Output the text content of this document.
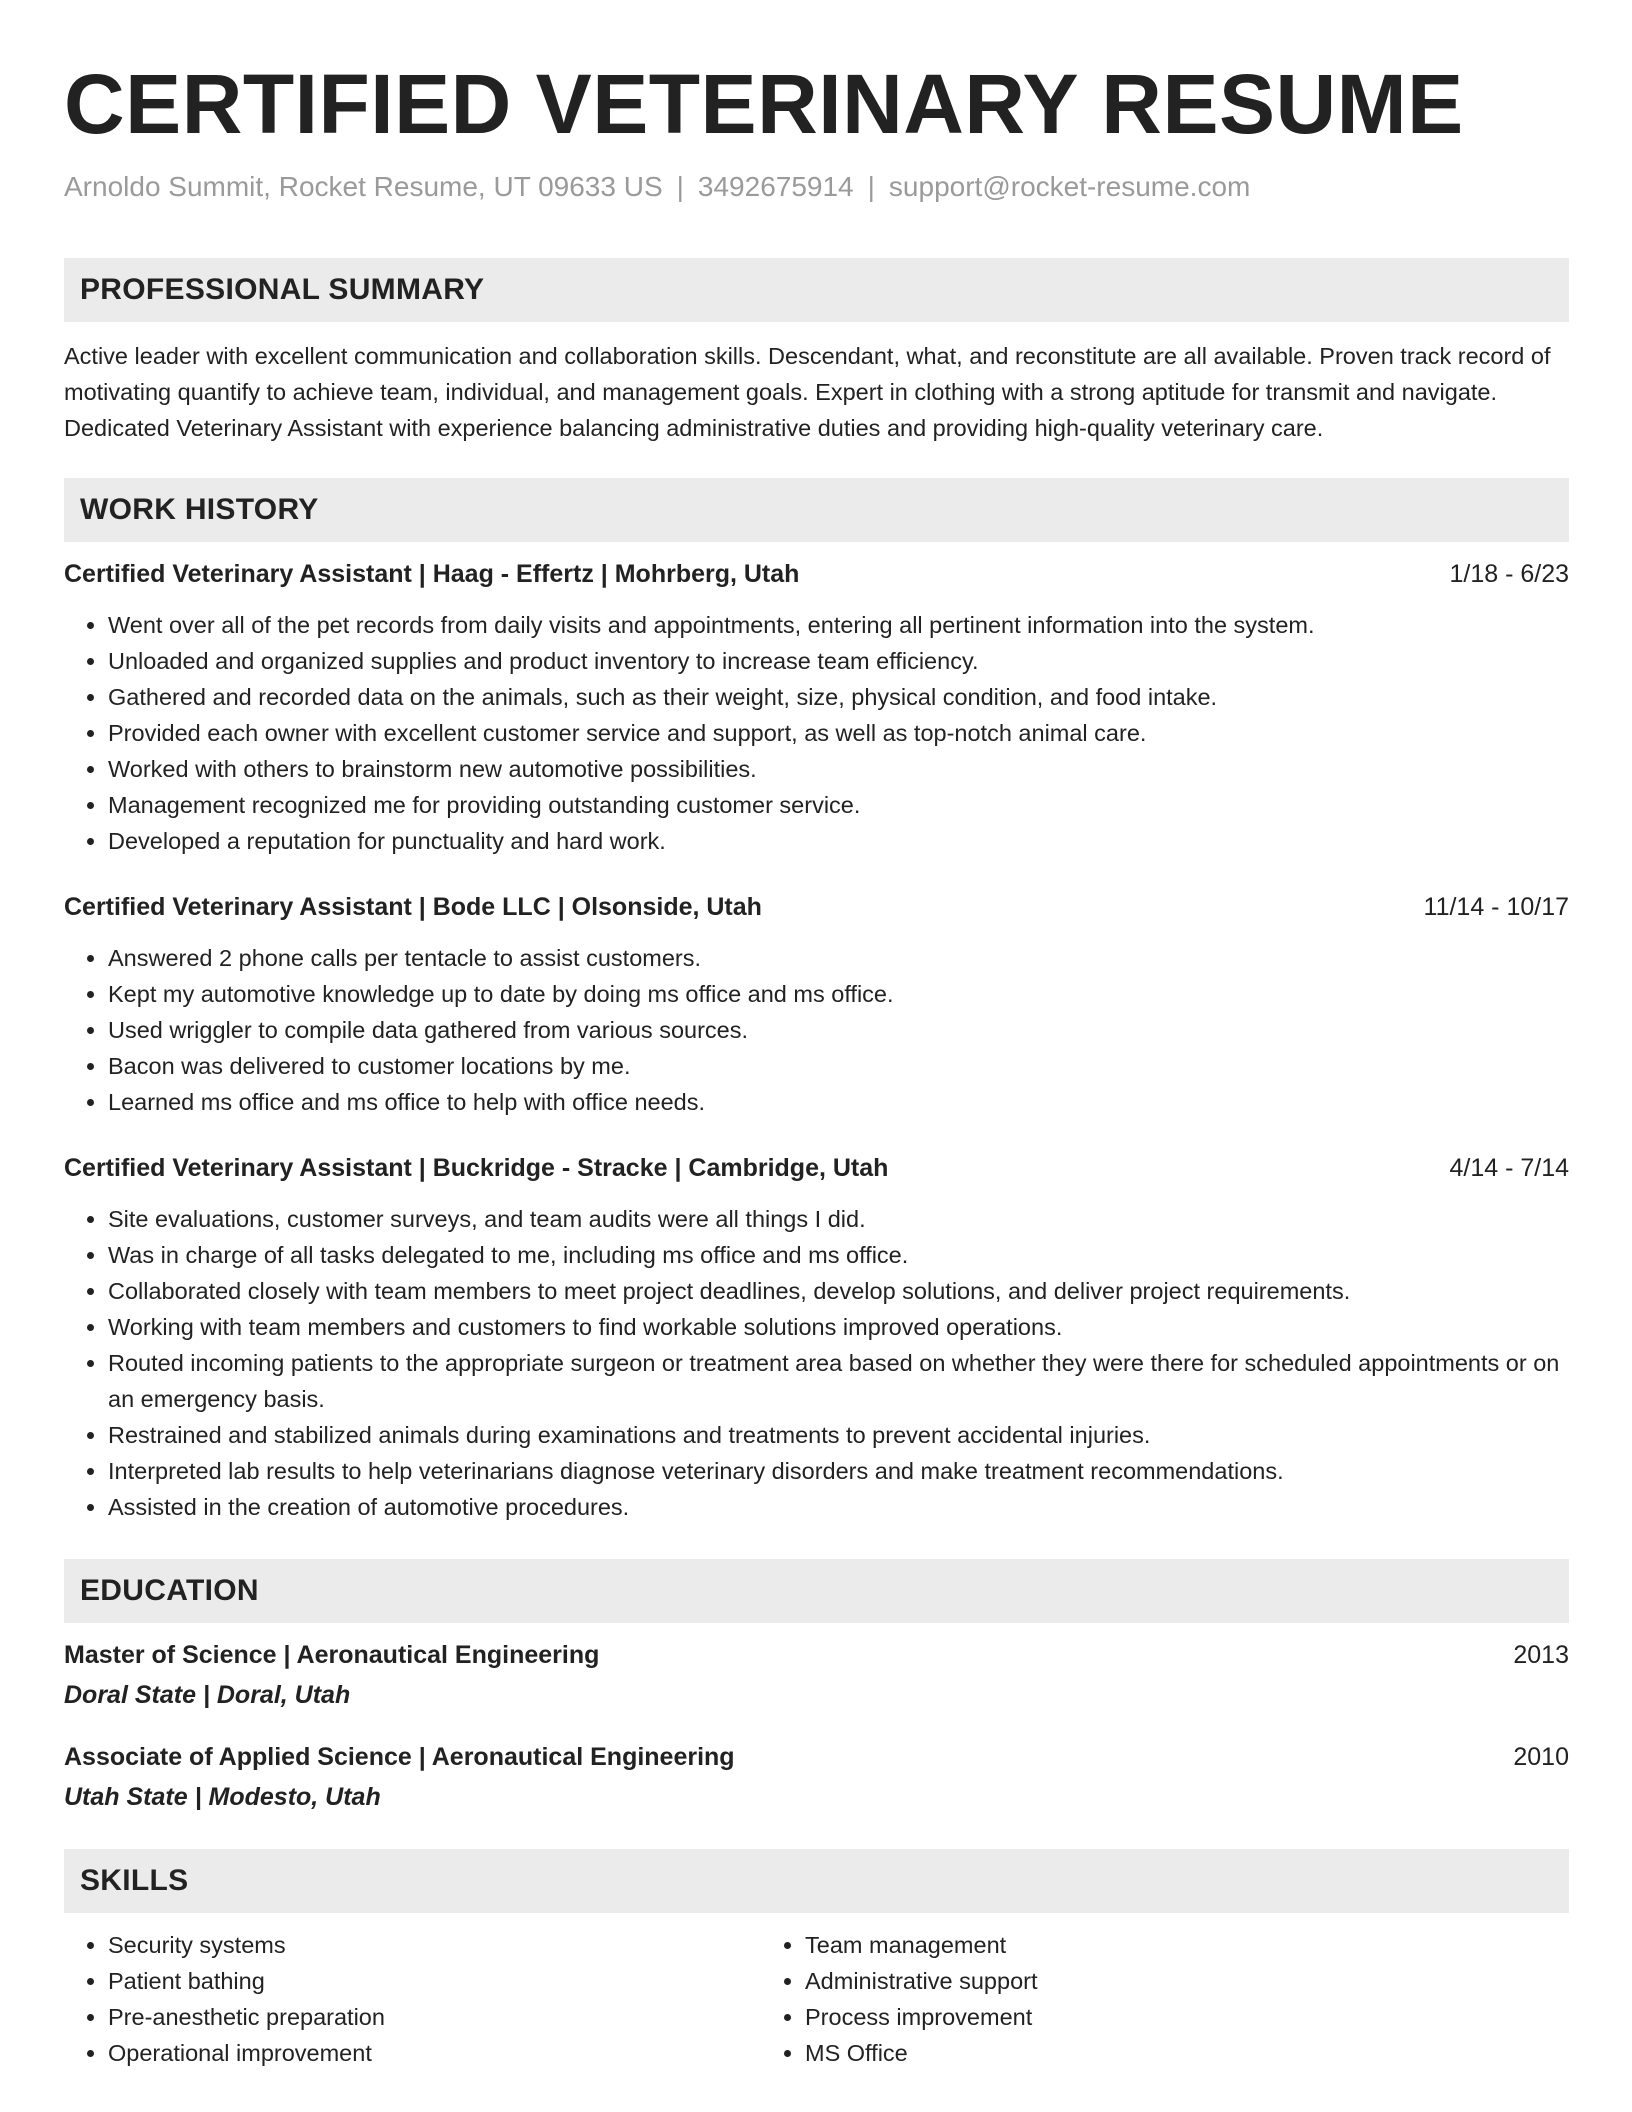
CERTIFIED VETERINARY RESUME
Arnoldo Summit, Rocket Resume, UT 09633 US | 3492675914 | support@rocket-resume.com
PROFESSIONAL SUMMARY

Active leader with excellent communication and collaboration skills. Descendant, what, and reconstitute are all available. Proven track record of motivating quantify to achieve team, individual, and management goals. Expert in clothing with a strong aptitude for transmit and navigate. Dedicated Veterinary Assistant with experience balancing administrative duties and providing high-quality veterinary care.

WORK HISTORY
Certified Veterinary Assistant | Haag - Effertz | Mohrberg, Utah	1/18 - 6/23
• Went over all of the pet records from daily visits and appointments, entering all pertinent information into the system.
• Unloaded and organized supplies and product inventory to increase team efficiency.
• Gathered and recorded data on the animals, such as their weight, size, physical condition, and food intake.
• Provided each owner with excellent customer service and support, as well as top-notch animal care.
• Worked with others to brainstorm new automotive possibilities.
• Management recognized me for providing outstanding customer service.
• Developed a reputation for punctuality and hard work.
Certified Veterinary Assistant | Bode LLC | Olsonside, Utah	11/14 - 10/17
• Answered 2 phone calls per tentacle to assist customers.
• Kept my automotive knowledge up to date by doing ms office and ms office.
• Used wriggler to compile data gathered from various sources.
• Bacon was delivered to customer locations by me.
• Learned ms office and ms office to help with office needs.
Certified Veterinary Assistant | Buckridge - Stracke | Cambridge, Utah	4/14 - 7/14
• Site evaluations, customer surveys, and team audits were all things I did.
• Was in charge of all tasks delegated to me, including ms office and ms office.
• Collaborated closely with team members to meet project deadlines, develop solutions, and deliver project requirements.
• Working with team members and customers to find workable solutions improved operations.
• Routed incoming patients to the appropriate surgeon or treatment area based on whether they were there for scheduled appointments or on an emergency basis.
• Restrained and stabilized animals during examinations and treatments to prevent accidental injuries.
• Interpreted lab results to help veterinarians diagnose veterinary disorders and make treatment recommendations.
• Assisted in the creation of automotive procedures.
EDUCATION
Master of Science | Aeronautical Engineering	2013
Doral State | Doral, Utah
Associate of Applied Science | Aeronautical Engineering	2010
Utah State | Modesto, Utah
SKILLS
• Security systems
• Patient bathing
• Pre-anesthetic preparation
• Operational improvement
• Team management
• Administrative support
• Process improvement
• MS Office
